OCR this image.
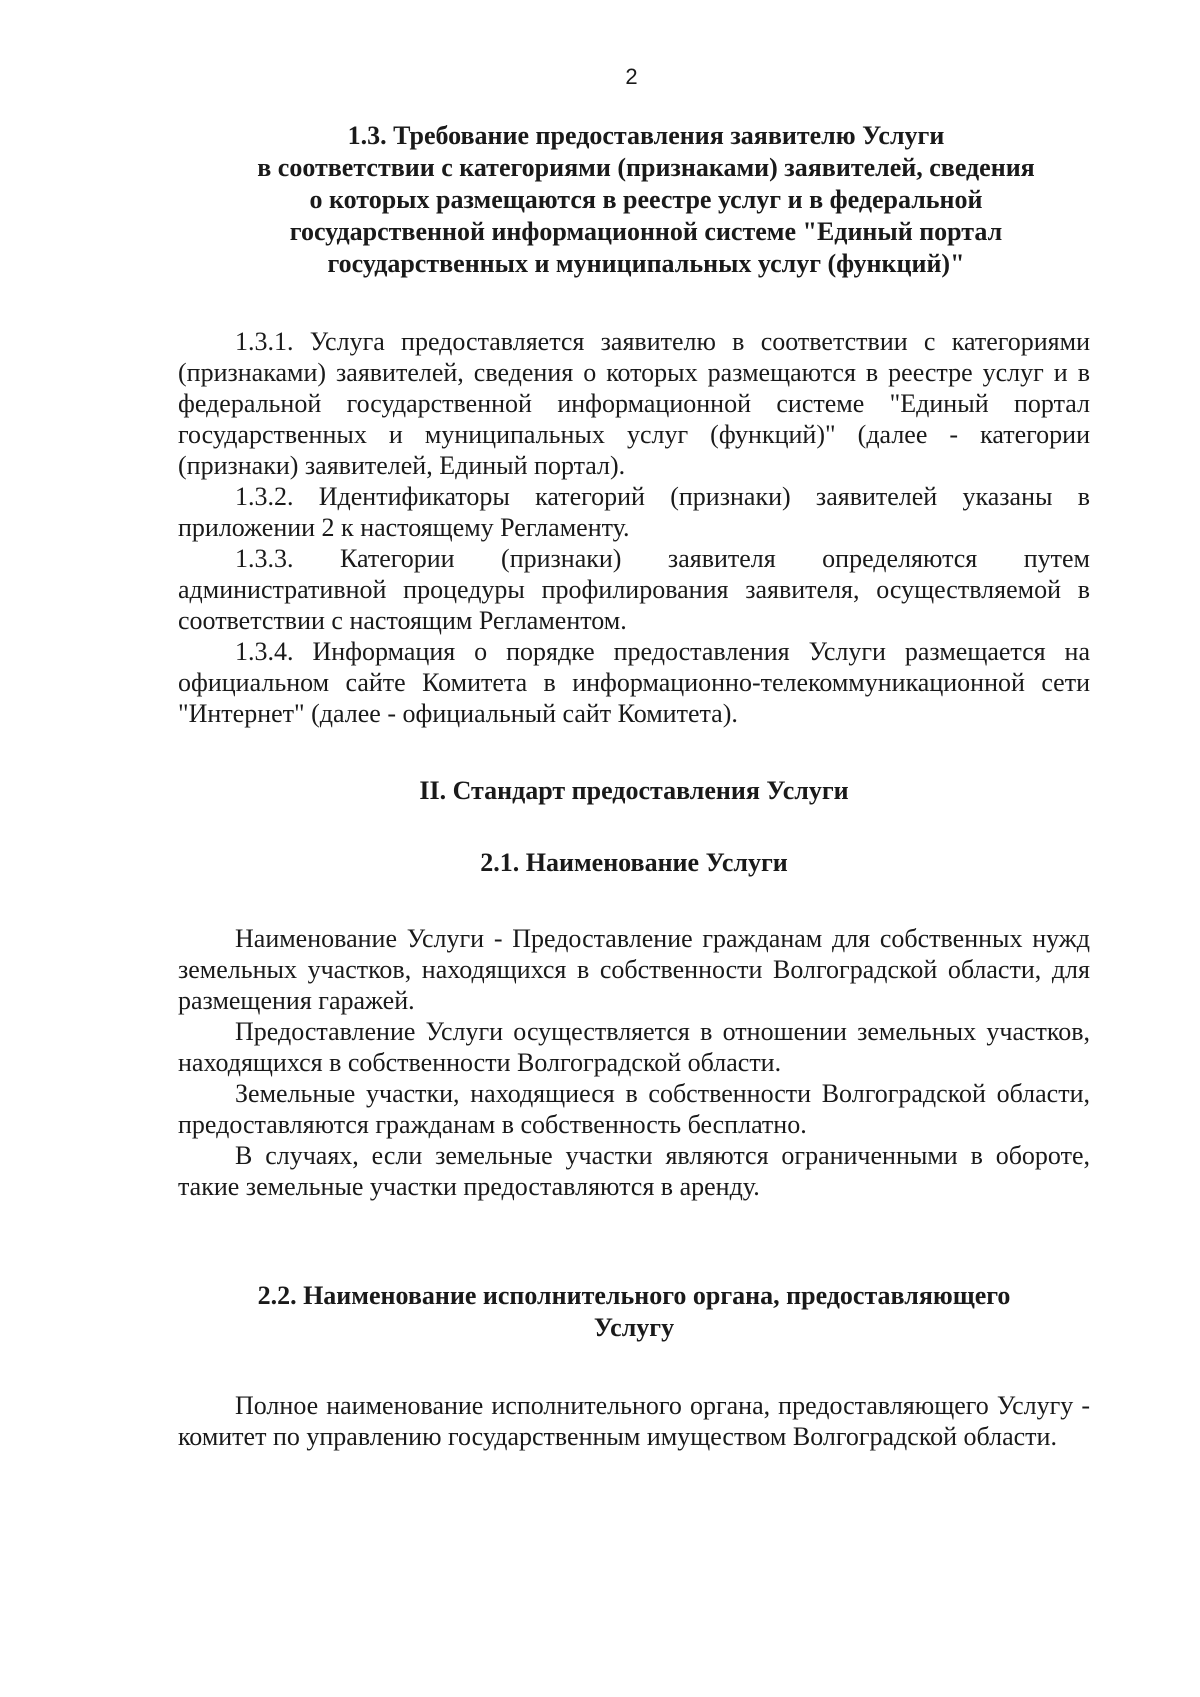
2
1.3. Требование предоставления заявителю Услуги
в соответствии с категориями (признаками) заявителей, сведения
о которых размещаются в реестре услуг и в федеральной
государственной информационной системе "Единый портал
государственных и муниципальных услуг (функций)"

1.3.1. Услуга предоставляется заявителю в соответствии с категориями (признаками) заявителей, сведения о которых размещаются в реестре услуг и в федеральной государственной информационной системе "Единый портал государственных и муниципальных услуг (функций)" (далее - категории (признаки) заявителей, Единый портал).

1.3.2. Идентификаторы категорий (признаки) заявителей указаны в приложении 2 к настоящему Регламенту.

1.3.3. Категории (признаки) заявителя определяются путем административной процедуры профилирования заявителя, осуществляемой в соответствии с настоящим Регламентом.

1.3.4. Информация о порядке предоставления Услуги размещается на официальном сайте Комитета в информационно-телекоммуникационной сети "Интернет" (далее - официальный сайт Комитета).

II. Стандарт предоставления Услуги
2.1. Наименование Услуги

Наименование Услуги - Предоставление гражданам для собственных нужд земельных участков, находящихся в собственности Волгоградской области, для размещения гаражей.

Предоставление Услуги осуществляется в отношении земельных участков, находящихся в собственности Волгоградской области.

Земельные участки, находящиеся в собственности Волгоградской области, предоставляются гражданам в собственность бесплатно.

В случаях, если земельные участки являются ограниченными в обороте, такие земельные участки предоставляются в аренду.

2.2. Наименование исполнительного органа, предоставляющего
Услугу

Полное наименование исполнительного органа, предоставляющего Услугу - комитет по управлению государственным имуществом Волгоградской области.
